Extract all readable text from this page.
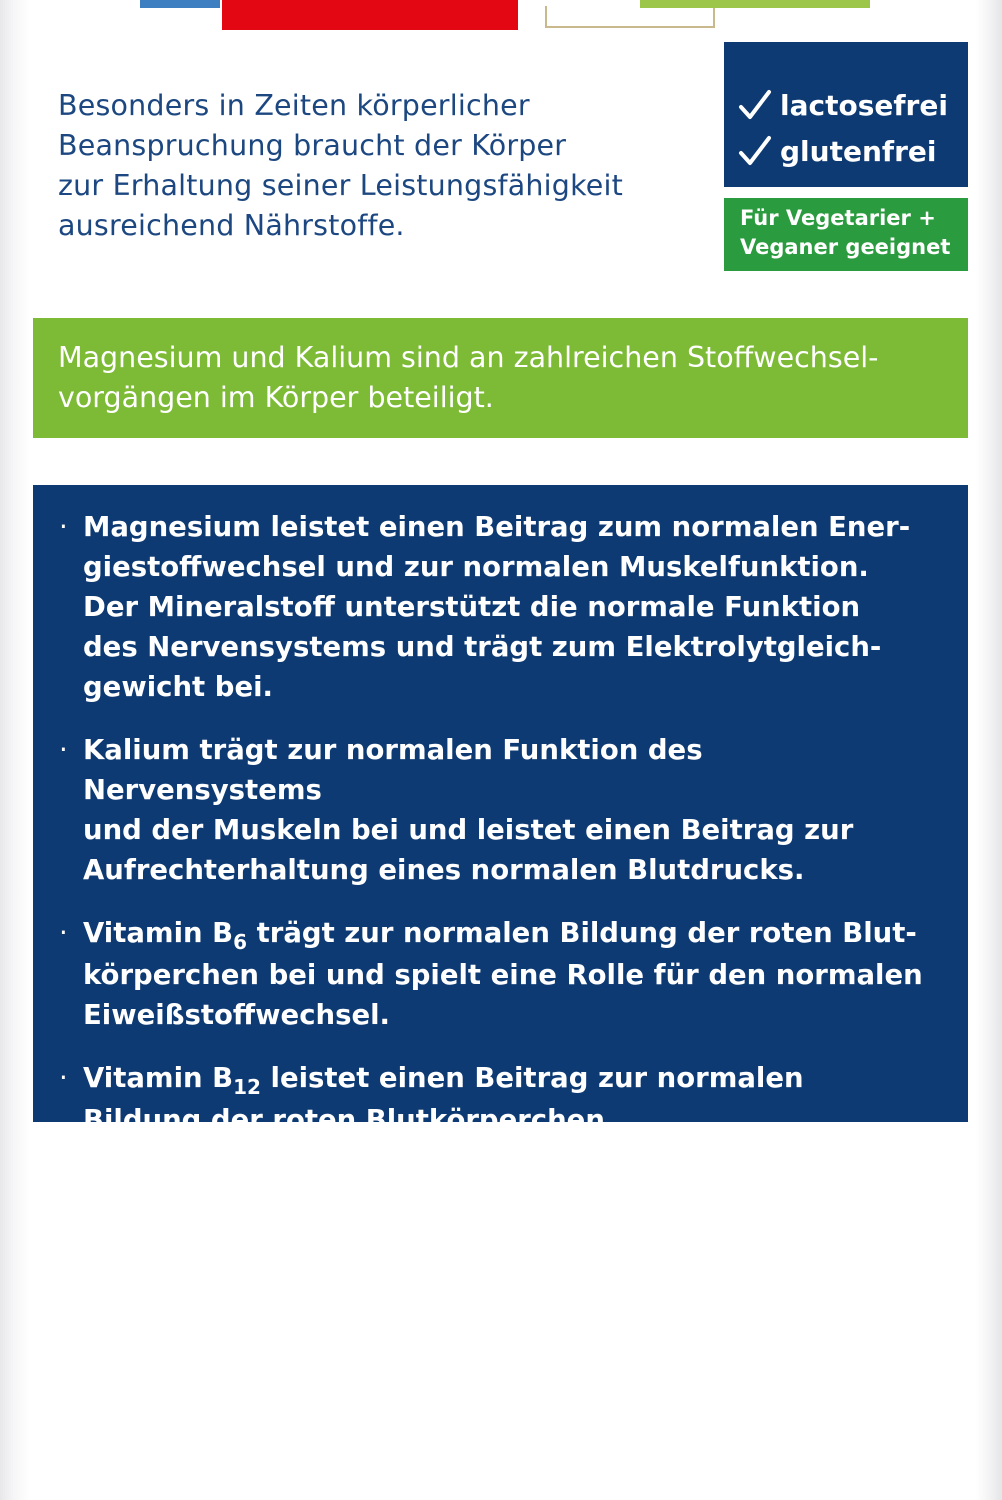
Besonders in Zeiten körperlicher
Beanspruchung braucht der Körper
zur Erhaltung seiner Leistungsfähigkeit
ausreichend Nährstoffe.
lactosefrei
glutenfrei
Für Vegetarier +
Veganer geeignet
Magnesium und Kalium sind an zahlreichen Stoffwechsel-
vorgängen im Körper beteiligt.
· Magnesium leistet einen Beitrag zum normalen Ener-
giestoffwechsel und zur normalen Muskelfunktion.
Der Mineralstoff unterstützt die normale Funktion
des Nervensystems und trägt zum Elektrolytgleich-
gewicht bei.
· Kalium trägt zur normalen Funktion des Nervensystems
und der Muskeln bei und leistet einen Beitrag zur
Aufrechterhaltung eines normalen Blutdrucks.
· Vitamin $B_6$ trägt zur normalen Bildung der roten Blut-
körperchen bei und spielt eine Rolle für den normalen
Eiweißstoffwechsel.
· Vitamin $B_{12}$ leistet einen Beitrag zur normalen
Bildung der roten Blutkörperchen.
